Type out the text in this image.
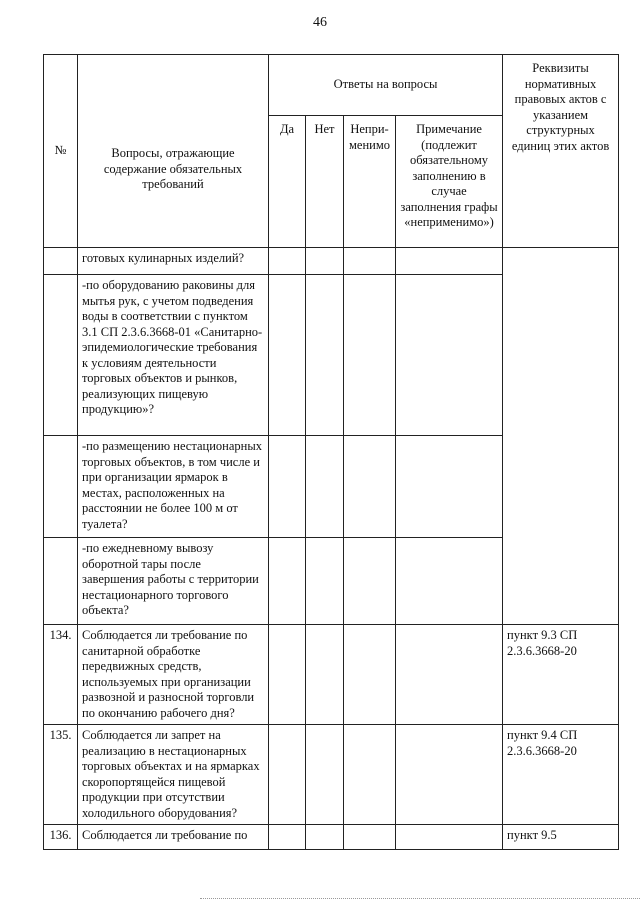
46
№	Вопросы, отражающие содержание обязательных требований	Ответы на вопросы				Реквизиты нормативных правовых актов с указанием структурных единиц этих актов
		Да	Нет	Непри-менимо	Примечание (подлежит обязательному заполнению в случае заполнения графы «неприменимо»)	
	готовых кулинарных изделий?					
	-по оборудованию раковины для мытья рук, с учетом подведения воды в соответствии с пунктом 3.1 СП 2.3.6.3668-01 «Санитарно-эпидемиологические требования к условиям деятельности торговых объектов и рынков, реализующих пищевую продукцию»?					
	-по размещению нестационарных торговых объектов, в том числе и при организации ярмарок в местах, расположенных на расстоянии не более 100 м от туалета?					
	-по ежедневному вывозу оборотной тары после завершения работы с территории нестационарного торгового объекта?					
134.	Соблюдается ли требование по санитарной обработке передвижных средств, используемых при организации развозной и разносной торговли по окончанию рабочего дня?					пункт 9.3 СП 2.3.6.3668-20
135.	Соблюдается ли запрет на реализацию в нестационарных торговых объектах и на ярмарках скоропортящейся пищевой продукции при отсутствии холодильного оборудования?					пункт 9.4 СП 2.3.6.3668-20
136.	Соблюдается ли требование по					пункт 9.5
